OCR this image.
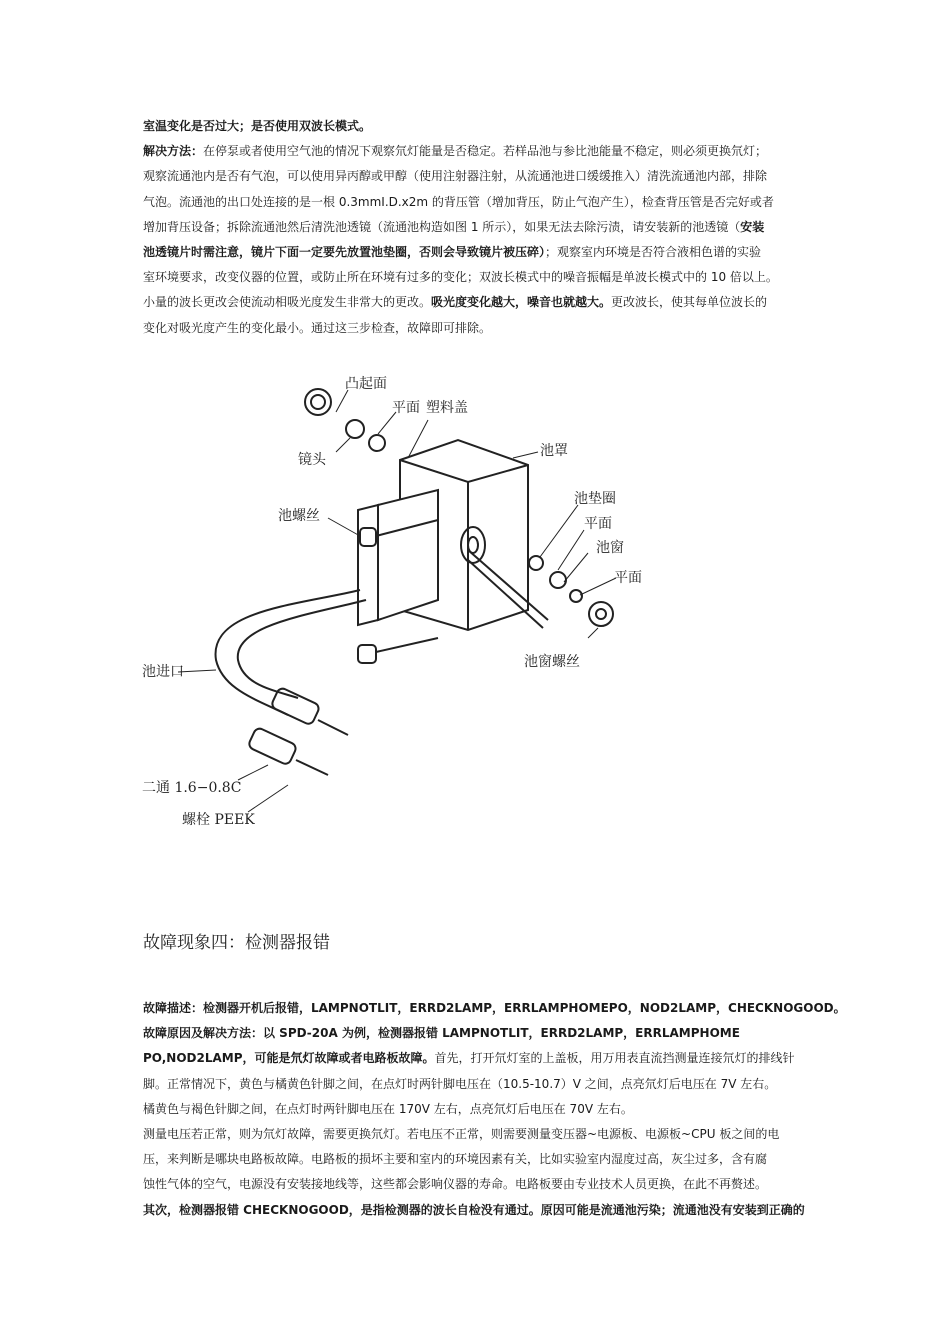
室温变化是否过大；是否使用双波长模式。
解决方法：在停泵或者使用空气池的情况下观察氘灯能量是否稳定。若样品池与参比池能量不稳定，则必须更换氘灯；
观察流通池内是否有气泡，可以使用异丙醇或甲醇（使用注射器注射，从流通池进口缓缓推入）清洗流通池内部，排除
气泡。流通池的出口处连接的是一根 0.3mmI.D.x2m 的背压管（增加背压，防止气泡产生），检查背压管是否完好或者
增加背压设备；拆除流通池然后清洗池透镜（流通池构造如图 1 所示），如果无法去除污渍，请安装新的池透镜（安装
池透镜片时需注意，镜片下面一定要先放置池垫圈，否则会导致镜片被压碎）；观察室内环境是否符合液相色谱的实验
室环境要求，改变仪器的位置，或防止所在环境有过多的变化；双波长模式中的噪音振幅是单波长模式中的 10 倍以上。
小量的波长更改会使流动相吸光度发生非常大的更改。吸光度变化越大，噪音也就越大。更改波长，使其每单位波长的
变化对吸光度产生的变化最小。通过这三步检查，故障即可排除。
凸起面
平面 塑料盖
镜头
池罩
池螺丝
池垫圈
平面
池窗
平面
池进口
池窗螺丝
二通 1.6−0.8C
螺栓 PEEK
故障现象四：检测器报错
故障描述：检测器开机后报错，LAMPNOTLIT，ERRD2LAMP，ERRLAMPHOMEPO，NOD2LAMP，CHECKNOGOOD。
故障原因及解决方法：以 SPD-20A 为例，检测器报错 LAMPNOTLIT，ERRD2LAMP，ERRLAMPHOME
PO,NOD2LAMP，可能是氘灯故障或者电路板故障。首先，打开氘灯室的上盖板，用万用表直流挡测量连接氘灯的排线针
脚。正常情况下，黄色与橘黄色针脚之间，在点灯时两针脚电压在（10.5-10.7）V 之间，点亮氘灯后电压在 7V 左右。
橘黄色与褐色针脚之间，在点灯时两针脚电压在 170V 左右，点亮氘灯后电压在 70V 左右。
测量电压若正常，则为氘灯故障，需要更换氘灯。若电压不正常，则需要测量变压器~电源板、电源板~CPU 板之间的电
压，来判断是哪块电路板故障。电路板的损坏主要和室内的环境因素有关，比如实验室内湿度过高，灰尘过多，含有腐
蚀性气体的空气，电源没有安装接地线等，这些都会影响仪器的寿命。电路板要由专业技术人员更换，在此不再赘述。
其次，检测器报错 CHECKNOGOOD，是指检测器的波长自检没有通过。原因可能是流通池污染；流通池没有安装到正确的
